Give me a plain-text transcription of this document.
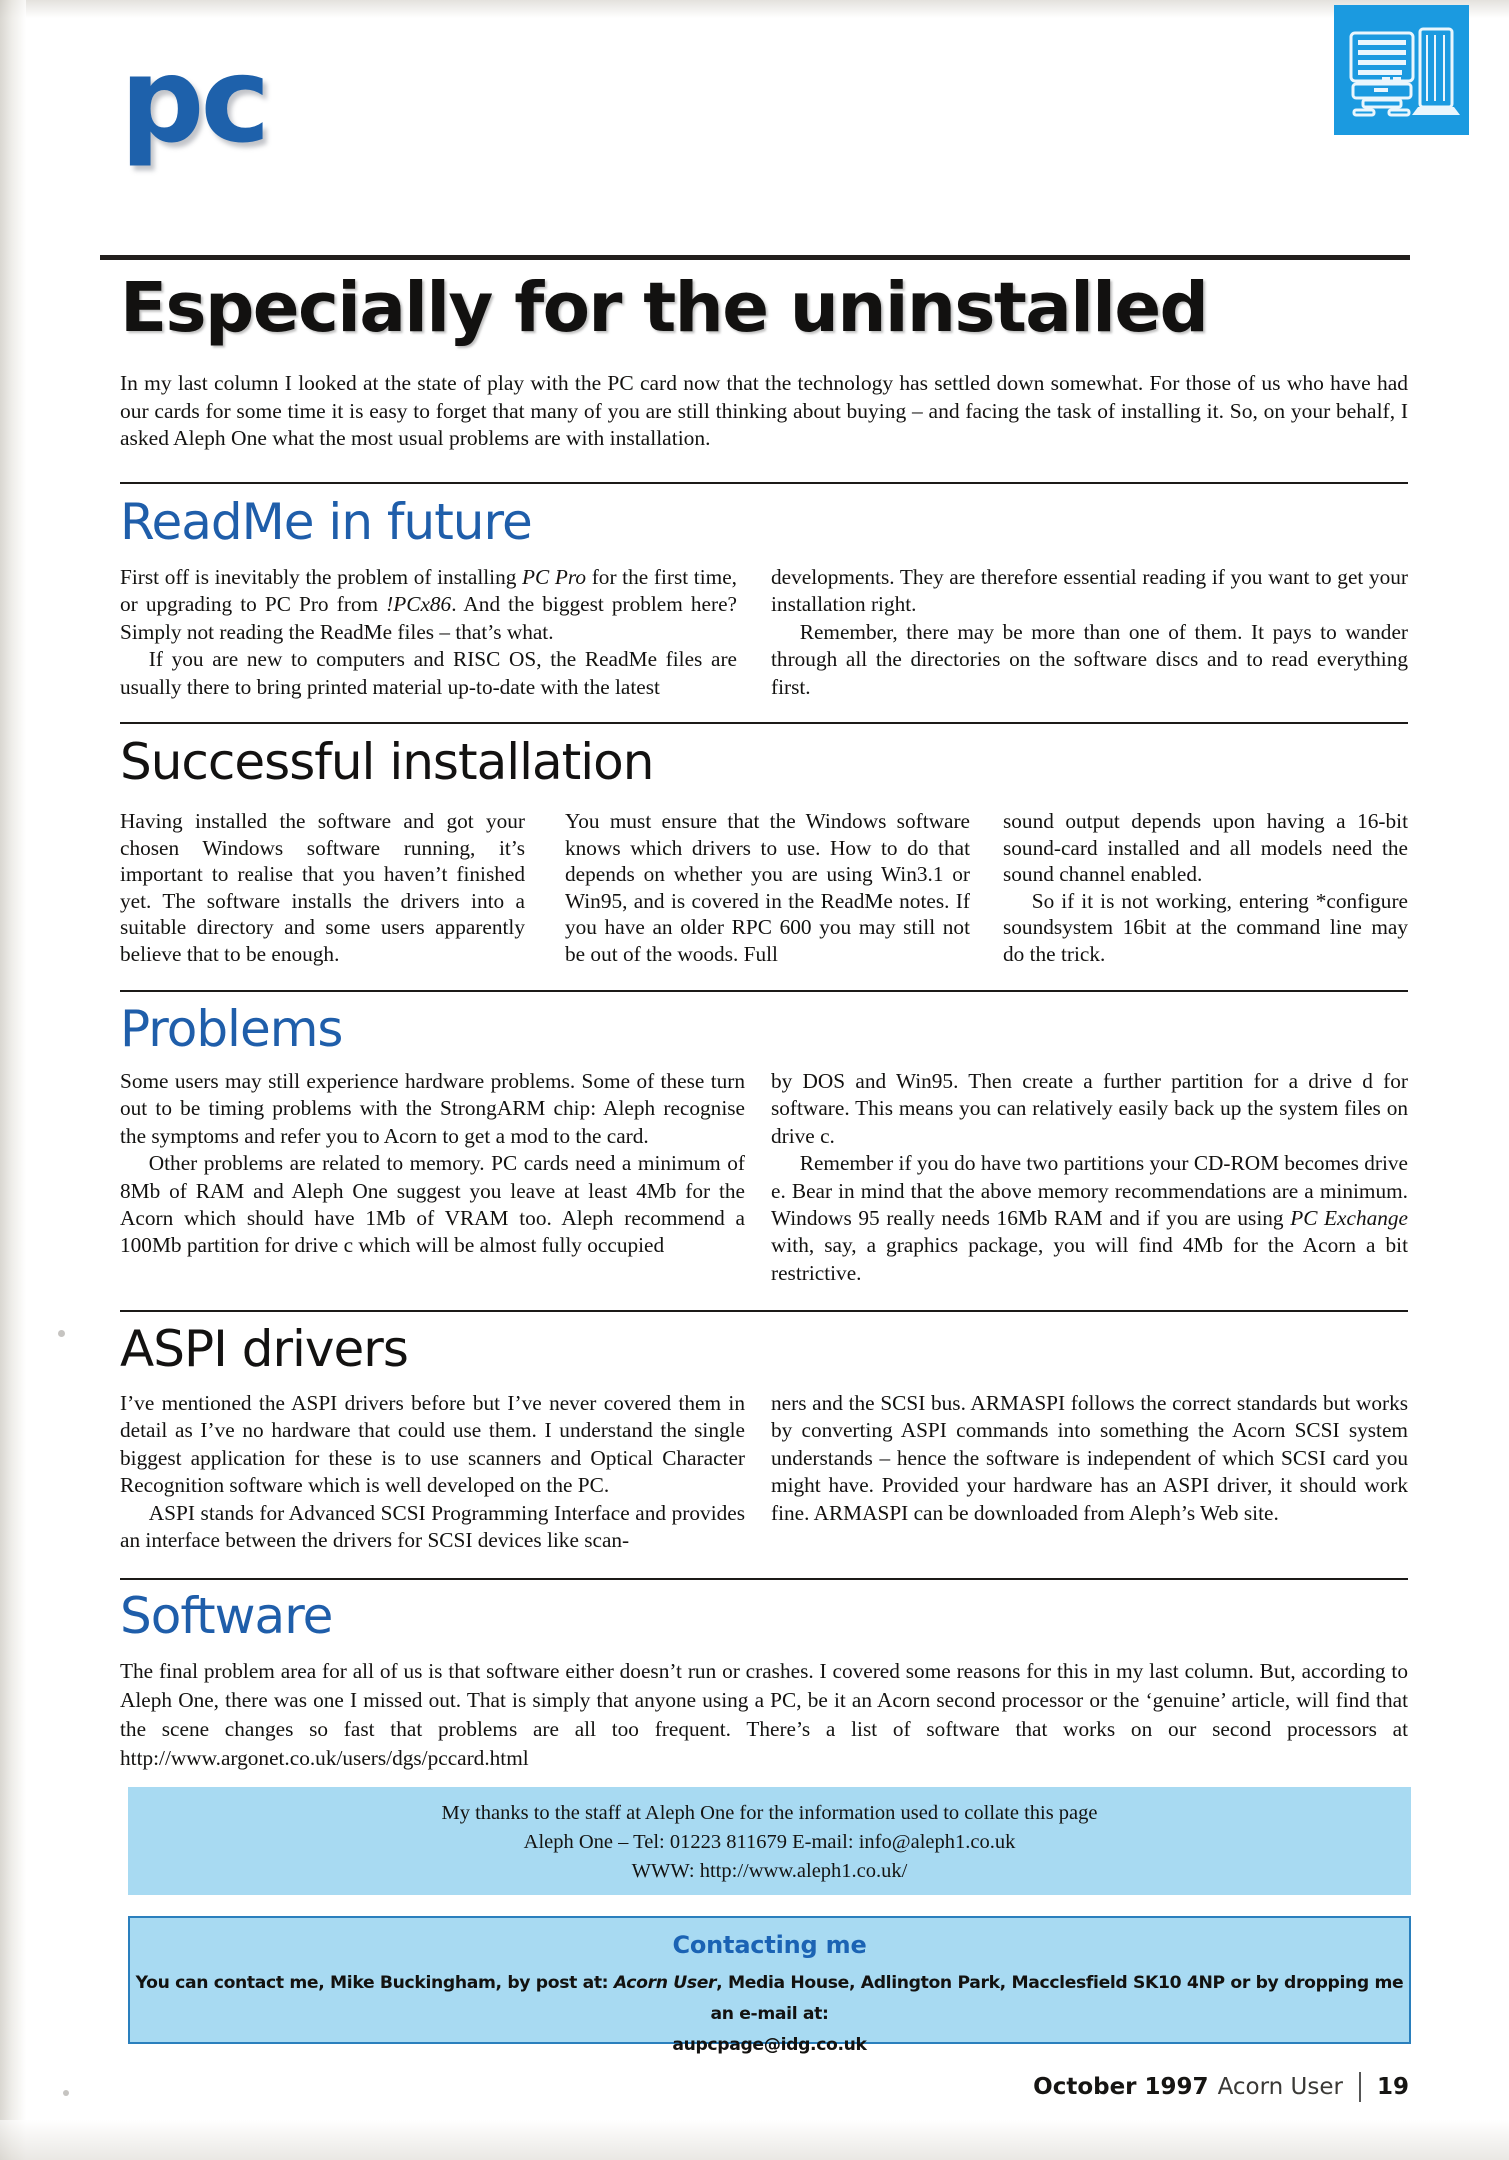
pc
Especially for the uninstalled
In my last column I looked at the state of play with the PC card now that the technology has settled down somewhat. For those of us who have had our cards for some time it is easy to forget that many of you are still thinking about buying – and facing the task of installing it. So, on your behalf, I asked Aleph One what the most usual problems are with installation.
ReadMe in future

First off is inevitably the problem of installing PC Pro for the first time, or upgrading to PC Pro from !PCx86. And the biggest problem here? Simply not reading the ReadMe files – that’s what.

If you are new to computers and RISC OS, the ReadMe files are usually there to bring printed material up-to-date with the latest

developments. They are therefore essential reading if you want to get your installation right.

Remember, there may be more than one of them. It pays to wander through all the directories on the software discs and to read everything first.

Successful installation

Having installed the software and got your chosen Windows software running, it’s important to realise that you haven’t finished yet. The software installs the drivers into a suitable directory and some users apparently believe that to be enough.

You must ensure that the Windows software knows which drivers to use. How to do that depends on whether you are using Win3.1 or Win95, and is covered in the ReadMe notes. If you have an older RPC 600 you may still not be out of the woods. Full

sound output depends upon having a 16-bit sound-card installed and all models need the sound channel enabled.

So if it is not working, entering *configure soundsystem 16bit at the command line may do the trick.

Problems

Some users may still experience hardware problems. Some of these turn out to be timing problems with the StrongARM chip: Aleph recognise the symptoms and refer you to Acorn to get a mod to the card.

Other problems are related to memory. PC cards need a minimum of 8Mb of RAM and Aleph One suggest you leave at least 4Mb for the Acorn which should have 1Mb of VRAM too. Aleph recommend a 100Mb partition for drive c which will be almost fully occupied

by DOS and Win95. Then create a further partition for a drive d for software. This means you can relatively easily back up the system files on drive c.

Remember if you do have two partitions your CD-ROM becomes drive e. Bear in mind that the above memory recommendations are a minimum. Windows 95 really needs 16Mb RAM and if you are using PC Exchange with, say, a graphics package, you will find 4Mb for the Acorn a bit restrictive.

ASPI drivers

I’ve mentioned the ASPI drivers before but I’ve never covered them in detail as I’ve no hardware that could use them. I understand the single biggest application for these is to use scanners and Optical Character Recognition software which is well developed on the PC.

ASPI stands for Advanced SCSI Programming Interface and provides an interface between the drivers for SCSI devices like scan-

ners and the SCSI bus. ARMASPI follows the correct standards but works by converting ASPI commands into something the Acorn SCSI system understands – hence the software is independent of which SCSI card you might have. Provided your hardware has an ASPI driver, it should work fine. ARMASPI can be downloaded from Aleph’s Web site.

Software

The final problem area for all of us is that software either doesn’t run or crashes. I covered some reasons for this in my last column. But, according to Aleph One, there was one I missed out. That is simply that anyone using a PC, be it an Acorn second processor or the ‘genuine’ article, will find that the scene changes so fast that problems are all too frequent. There’s a list of software that works on our second processors at http://www.argonet.co.uk/users/dgs/pccard.html

My thanks to the staff at Aleph One for the information used to collate this page
Aleph One – Tel: 01223 811679 E-mail: info@aleph1.co.uk
WWW: http://www.aleph1.co.uk/
Contacting me
You can contact me, Mike Buckingham, by post at: Acorn User, Media House, Adlington Park, Macclesfield SK10 4NP or by dropping me an e-mail at:
aupcpage@idg.co.uk
October 1997 Acorn User 19
